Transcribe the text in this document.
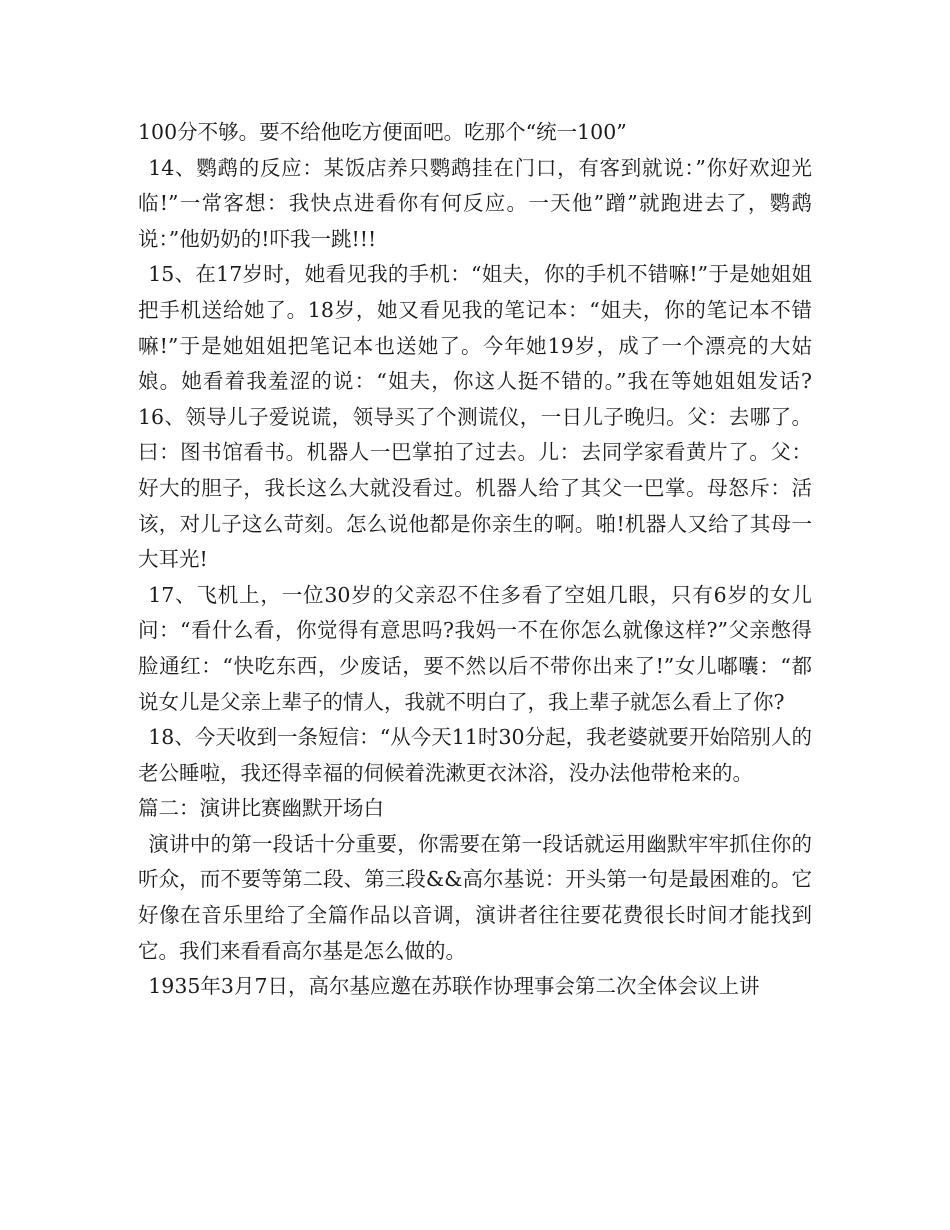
100分不够。要不给他吃方便面吧。吃那个“统一100”

14、鹦鹉的反应：某饭店养只鹦鹉挂在门口，有客到就说：”你好欢迎光临!”一常客想：我快点进看你有何反应。一天他”蹭”就跑进去了，鹦鹉说：”他奶奶的!吓我一跳!!!

15、在17岁时，她看见我的手机：“姐夫，你的手机不错嘛!”于是她姐姐把手机送给她了。18岁，她又看见我的笔记本：“姐夫，你的笔记本不错嘛!”于是她姐姐把笔记本也送她了。今年她19岁，成了一个漂亮的大姑娘。她看着我羞涩的说：“姐夫，你这人挺不错的。”我在等她姐姐发话?16、领导儿子爱说谎，领导买了个测谎仪，一日儿子晚归。父：去哪了。曰：图书馆看书。机器人一巴掌拍了过去。儿：去同学家看黄片了。父：好大的胆子，我长这么大就没看过。机器人给了其父一巴掌。母怒斥：活该，对儿子这么苛刻。怎么说他都是你亲生的啊。啪!机器人又给了其母一大耳光!

17、飞机上，一位30岁的父亲忍不住多看了空姐几眼，只有6岁的女儿问：“看什么看，你觉得有意思吗?我妈一不在你怎么就像这样?”父亲憋得脸通红：“快吃东西，少废话，要不然以后不带你出来了!”女儿嘟囔：“都说女儿是父亲上辈子的情人，我就不明白了，我上辈子就怎么看上了你?

18、今天收到一条短信：“从今天11时30分起，我老婆就要开始陪别人的老公睡啦，我还得幸福的伺候着洗漱更衣沐浴，没办法他带枪来的。

篇二：演讲比赛幽默开场白

演讲中的第一段话十分重要，你需要在第一段话就运用幽默牢牢抓住你的听众，而不要等第二段、第三段&&高尔基说：开头第一句是最困难的。它好像在音乐里给了全篇作品以音调，演讲者往往要花费很长时间才能找到它。我们来看看高尔基是怎么做的。

1935年3月7日，高尔基应邀在苏联作协理事会第二次全体会议上讲
